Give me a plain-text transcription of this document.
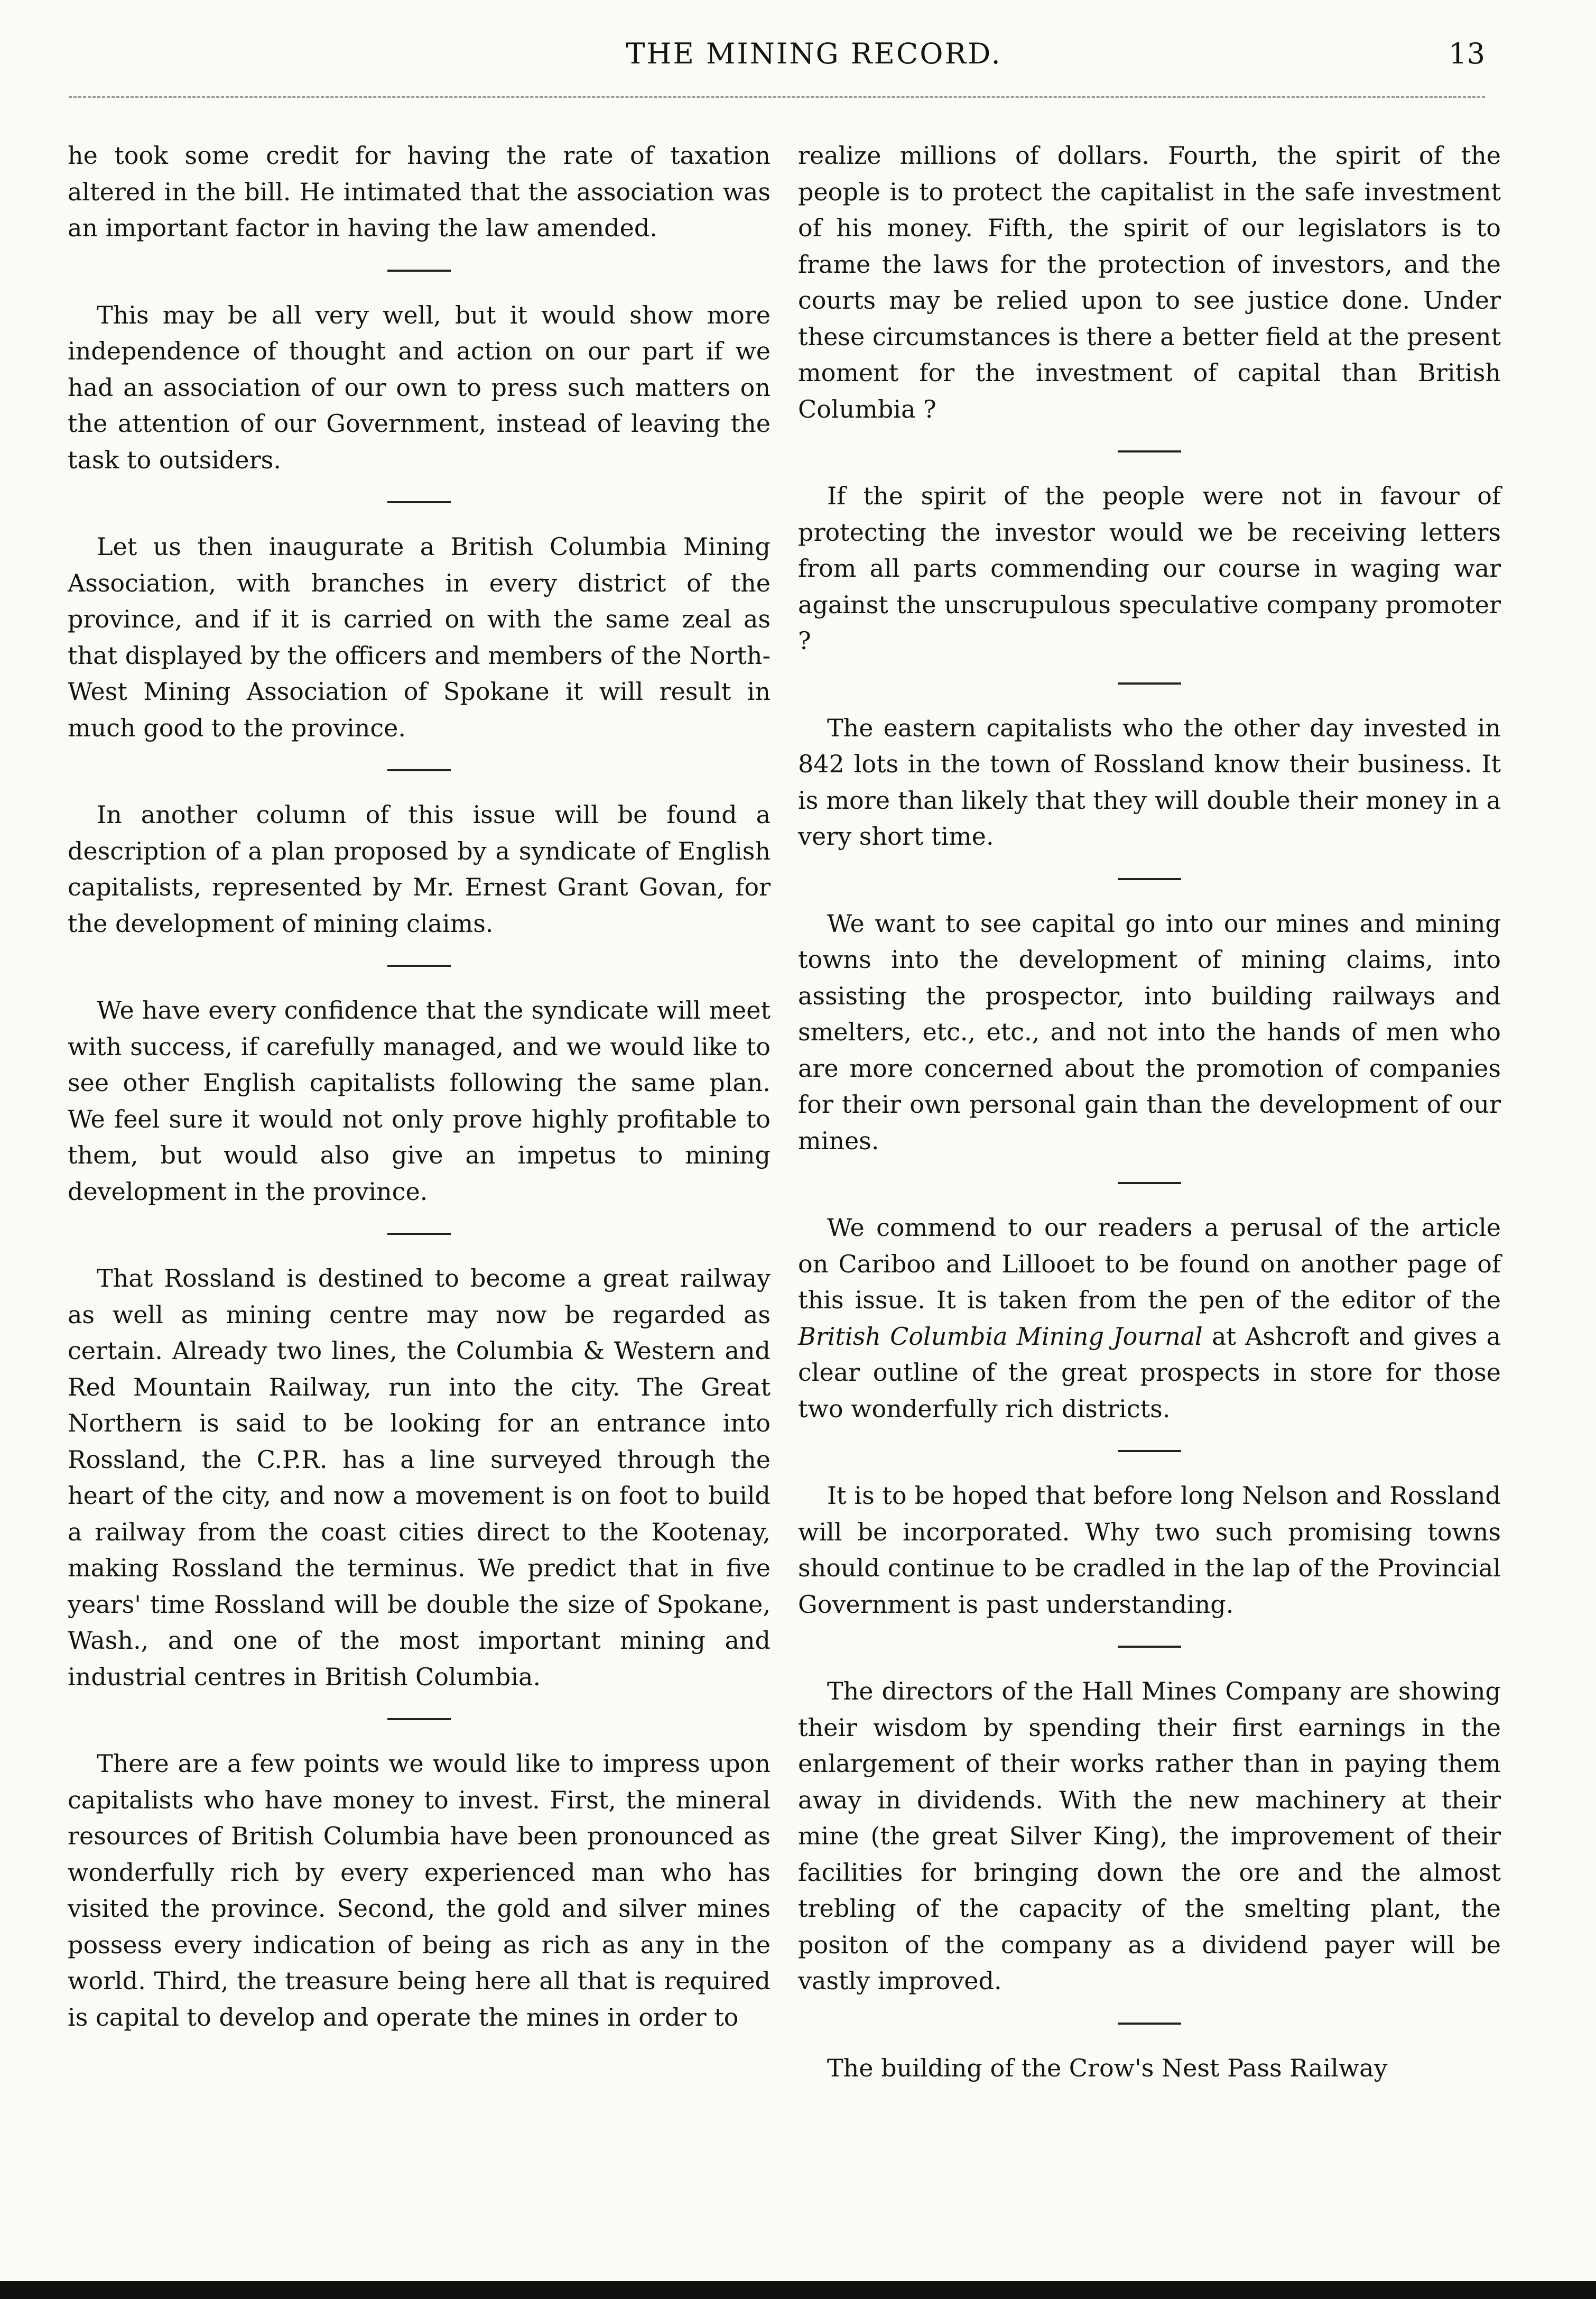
THE MINING RECORD.	13

he took some credit for having the rate of taxation altered in the bill. He intimated that the association was an important factor in having the law amended.

This may be all very well, but it would show more independence of thought and action on our part if we had an association of our own to press such matters on the attention of our Government, instead of leaving the task to outsiders.

Let us then inaugurate a British Columbia Mining Association, with branches in every district of the province, and if it is carried on with the same zeal as that displayed by the officers and members of the North-West Mining Association of Spokane it will result in much good to the province.

In another column of this issue will be found a description of a plan proposed by a syndicate of English capitalists, represented by Mr. Ernest Grant Govan, for the development of mining claims.

We have every confidence that the syndicate will meet with success, if carefully managed, and we would like to see other English capitalists following the same plan. We feel sure it would not only prove highly profitable to them, but would also give an impetus to mining development in the province.

That Rossland is destined to become a great railway as well as mining centre may now be regarded as certain. Already two lines, the Columbia & Western and Red Mountain Railway, run into the city. The Great Northern is said to be looking for an entrance into Rossland, the C.P.R. has a line surveyed through the heart of the city, and now a movement is on foot to build a railway from the coast cities direct to the Kootenay, making Rossland the terminus. We predict that in five years' time Rossland will be double the size of Spokane, Wash., and one of the most important mining and industrial centres in British Columbia.

There are a few points we would like to impress upon capitalists who have money to invest. First, the mineral resources of British Columbia have been pronounced as wonderfully rich by every experienced man who has visited the province. Second, the gold and silver mines possess every indication of being as rich as any in the world. Third, the treasure being here all that is required is capital to develop and operate the mines in order to

realize millions of dollars. Fourth, the spirit of the people is to protect the capitalist in the safe investment of his money. Fifth, the spirit of our legislators is to frame the laws for the protection of investors, and the courts may be relied upon to see justice done. Under these circumstances is there a better field at the present moment for the investment of capital than British Columbia ?

If the spirit of the people were not in favour of protecting the investor would we be receiving letters from all parts commending our course in waging war against the unscrupulous speculative company promoter ?

The eastern capitalists who the other day invested in 842 lots in the town of Rossland know their business. It is more than likely that they will double their money in a very short time.

We want to see capital go into our mines and mining towns into the development of mining claims, into assisting the prospector, into building railways and smelters, etc., etc., and not into the hands of men who are more concerned about the promotion of companies for their own personal gain than the development of our mines.

We commend to our readers a perusal of the article on Cariboo and Lillooet to be found on another page of this issue. It is taken from the pen of the editor of the British Columbia Mining Journal at Ashcroft and gives a clear outline of the great prospects in store for those two wonderfully rich districts.

It is to be hoped that before long Nelson and Rossland will be incorporated. Why two such promising towns should continue to be cradled in the lap of the Provincial Government is past understanding.

The directors of the Hall Mines Company are showing their wisdom by spending their first earnings in the enlargement of their works rather than in paying them away in dividends. With the new machinery at their mine (the great Silver King), the improvement of their facilities for bringing down the ore and the almost trebling of the capacity of the smelting plant, the positon of the company as a dividend payer will be vastly improved.

The building of the Crow's Nest Pass Railway
